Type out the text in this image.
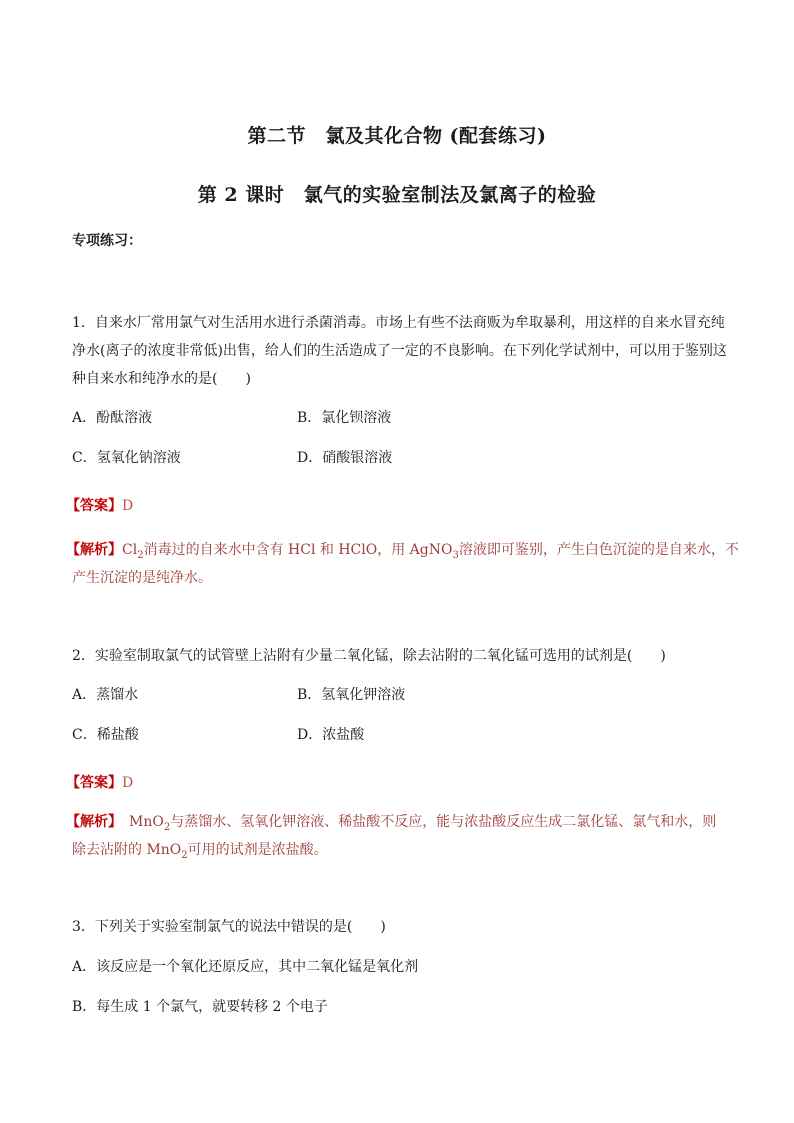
第二节　氯及其化合物 (配套练习)
第 2 课时　氯气的实验室制法及氯离子的检验
专项练习：
1．自来水厂常用氯气对生活用水进行杀菌消毒。市场上有些不法商贩为牟取暴利，用这样的自来水冒充纯
净水(离子的浓度非常低)出售，给人们的生活造成了一定的不良影响。在下列化学试剂中，可以用于鉴别这
种自来水和纯净水的是(　　)
A．酚酞溶液	B．氯化钡溶液
C．氢氧化钠溶液	D．硝酸银溶液
【答案】D
【解析】$Cl_2$消毒过的自来水中含有 HCl 和 HClO，用 AgNO$_3$溶液即可鉴别，产生白色沉淀的是自来水，不
产生沉淀的是纯净水。
2．实验室制取氯气的试管壁上沾附有少量二氧化锰，除去沾附的二氧化锰可选用的试剂是(　　)
A．蒸馏水	B．氢氧化钾溶液
C．稀盐酸	D．浓盐酸
【答案】D
【解析】　MnO$_2$与蒸馏水、氢氧化钾溶液、稀盐酸不反应，能与浓盐酸反应生成二氯化锰、氯气和水，则
除去沾附的 MnO$_2$可用的试剂是浓盐酸。
3．下列关于实验室制氯气的说法中错误的是(　　)
A．该反应是一个氧化还原反应，其中二氧化锰是氧化剂
B．每生成 1 个氯气，就要转移 2 个电子
